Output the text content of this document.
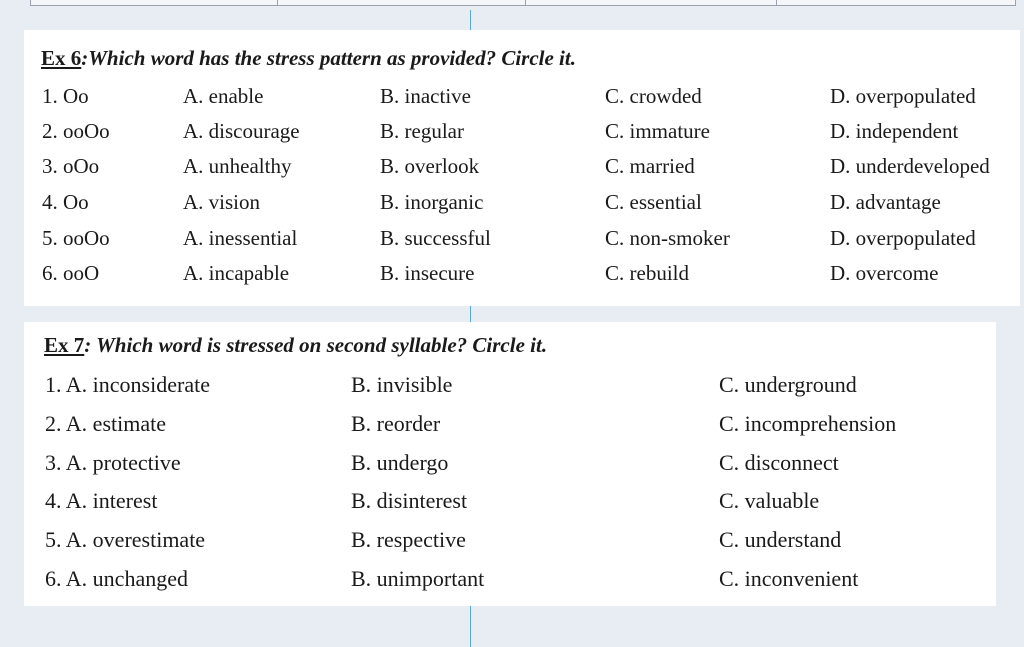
Ex 6:Which word has the stress pattern as provided? Circle it.
1. Oo	A. enable	B. inactive	C. crowded	D. overpopulated
2. ooOo	A. discourage	B. regular	C. immature	D. independent
3. oOo	A. unhealthy	B. overlook	C. married	D. underdeveloped
4. Oo	A. vision	B. inorganic	C. essential	D. advantage
5. ooOo	A. inessential	B. successful	C. non-smoker	D. overpopulated
6. ooO	A. incapable	B. insecure	C. rebuild	D. overcome
Ex 7: Which word is stressed on second syllable? Circle it.
1. A. inconsiderate	B. invisible	C. underground
2. A. estimate	B. reorder	C. incomprehension
3. A. protective	B. undergo	C. disconnect
4. A. interest	B. disinterest	C. valuable
5. A. overestimate	B. respective	C. understand
6. A. unchanged	B. unimportant	C. inconvenient
